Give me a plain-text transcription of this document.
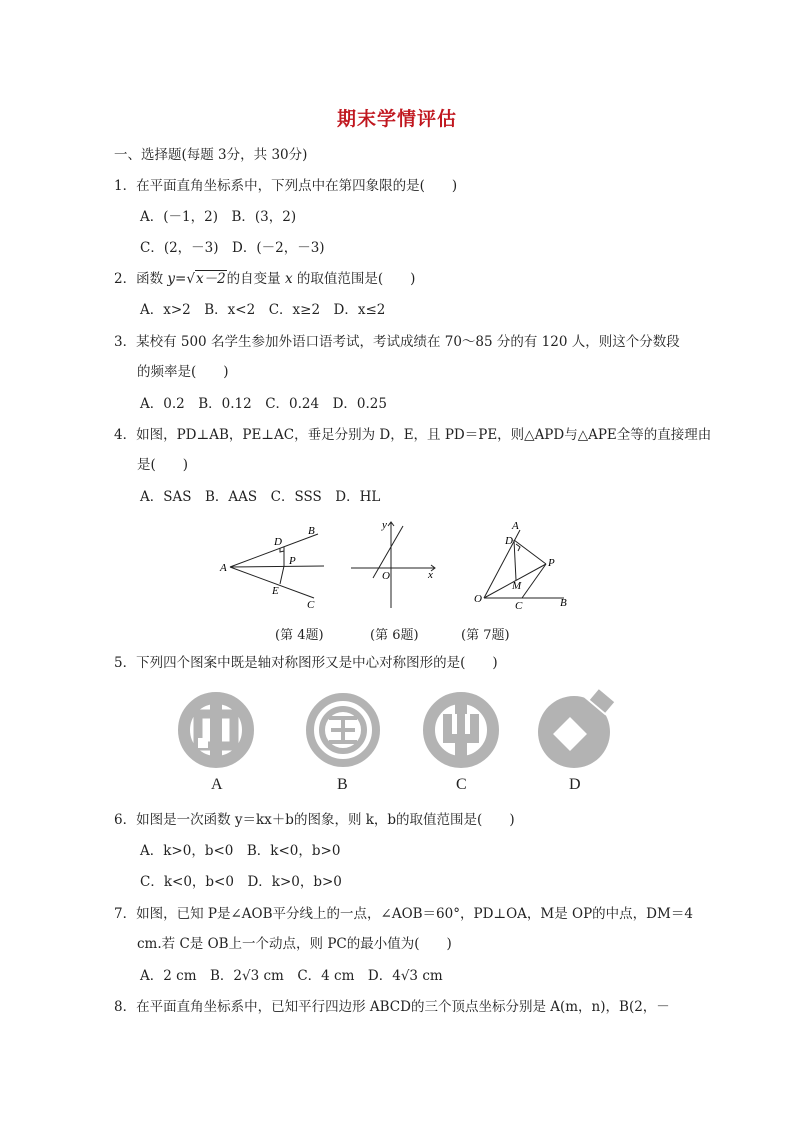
期末学情评估
一、选择题(每题 3分，共 30分)
1．在平面直角坐标系中，下列点中在第四象限的是(　　)
A．(－1，2)　B．(3，2)
C．(2，－3)　D．(－2，－3)
2．函数 y=√x－2的自变量 x 的取值范围是(　　)
A．x>2　B．x<2　C．x≥2　D．x≤2
3．某校有 500 名学生参加外语口语考试，考试成绩在 70～85 分的有 120 人，则这个分数段
的频率是(　　)
A．0.2　B．0.12　C．0.24　D．0.25
4．如图，PD⊥AB，PE⊥AC，垂足分别为 D，E，且 PD＝PE，则△APD与△APE全等的直接理由
是(　　)
A．SAS　B．AAS　C．SSS　D．HL
A
B
C
D
E
P
y
x
O
A
D
P
M
O
C	B
(第 4题)	(第 6题)	(第 7题)
5．下列四个图案中既是轴对称图形又是中心对称图形的是(　　)
A	B	C	D
6．如图是一次函数 y＝kx＋b的图象，则 k，b的取值范围是(　　)
A．k>0，b<0　B．k<0，b>0
C．k<0，b<0　D．k>0，b>0
7．如图，已知 P是∠AOB平分线上的一点，∠AOB＝60°，PD⊥OA，M是 OP的中点，DM＝4
cm.若 C是 OB上一个动点，则 PC的最小值为(　　)
A．2 cm　B．2√3 cm　C．4 cm　D．4√3 cm
8．在平面直角坐标系中，已知平行四边形 ABCD的三个顶点坐标分别是 A(m，n)，B(2，－
